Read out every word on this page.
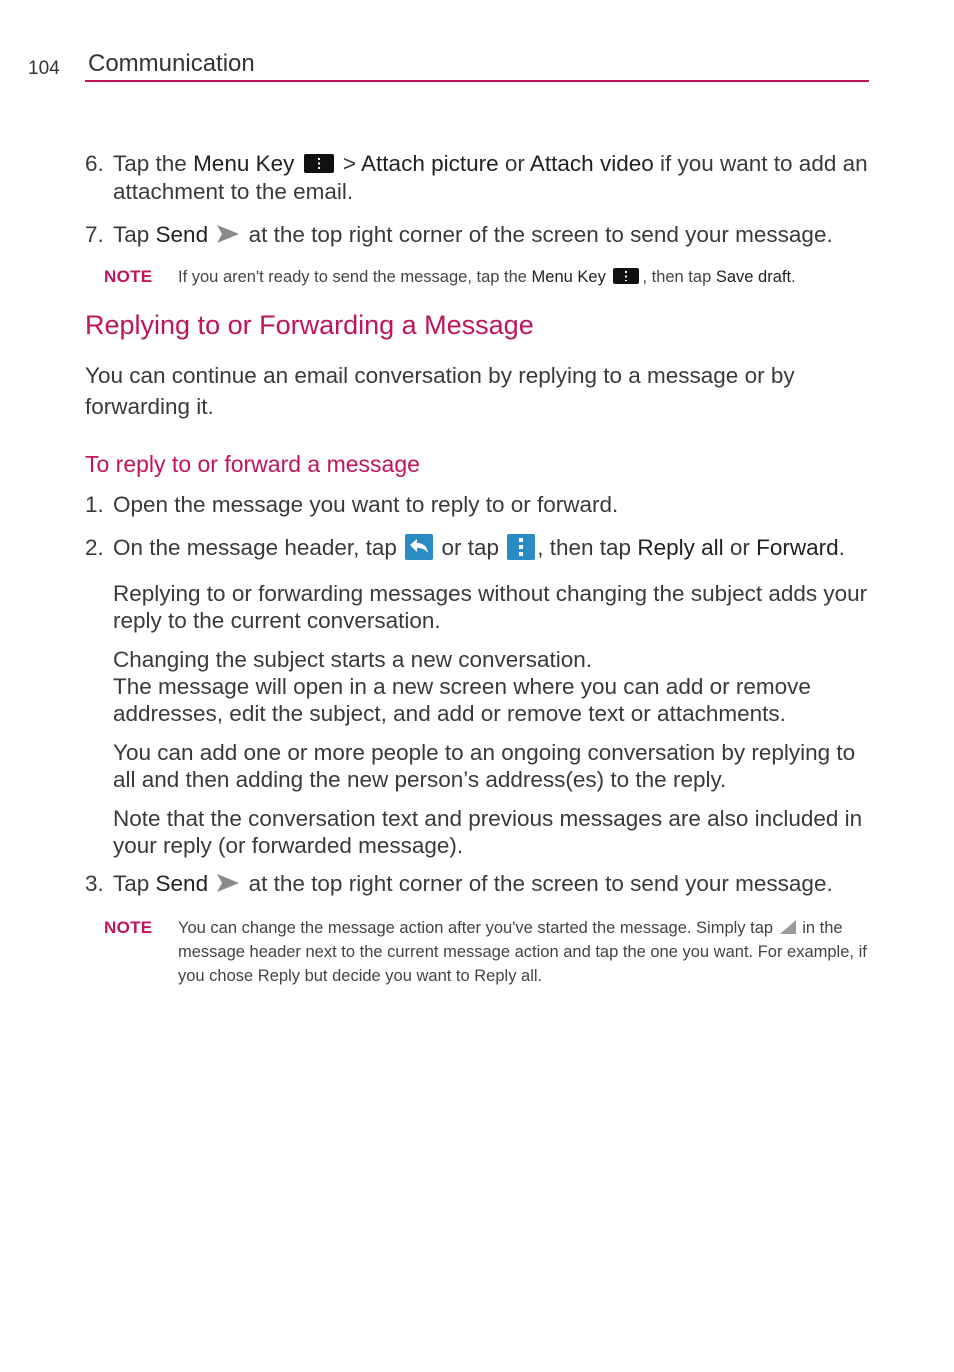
104 Communication
6. Tap the Menu Key  > Attach picture or Attach video if you want to add an attachment to the email.
7. Tap Send  at the top right corner of the screen to send your message.
NOTE If you aren't ready to send the message, tap the Menu Key , then tap Save draft.
Replying to or Forwarding a Message
You can continue an email conversation by replying to a message or by forwarding it.
To reply to or forward a message
1. Open the message you want to reply to or forward.
2. On the message header, tap  or tap , then tap Reply all or Forward.
Replying to or forwarding messages without changing the subject adds your reply to the current conversation.
Changing the subject starts a new conversation.
The message will open in a new screen where you can add or remove addresses, edit the subject, and add or remove text or attachments.
You can add one or more people to an ongoing conversation by replying to all and then adding the new person’s address(es) to the reply.
Note that the conversation text and previous messages are also included in your reply (or forwarded message).
3. Tap Send  at the top right corner of the screen to send your message.
NOTE You can change the message action after you've started the message. Simply tap  in the message header next to the current message action and tap the one you want. For example, if you chose Reply but decide you want to Reply all.
